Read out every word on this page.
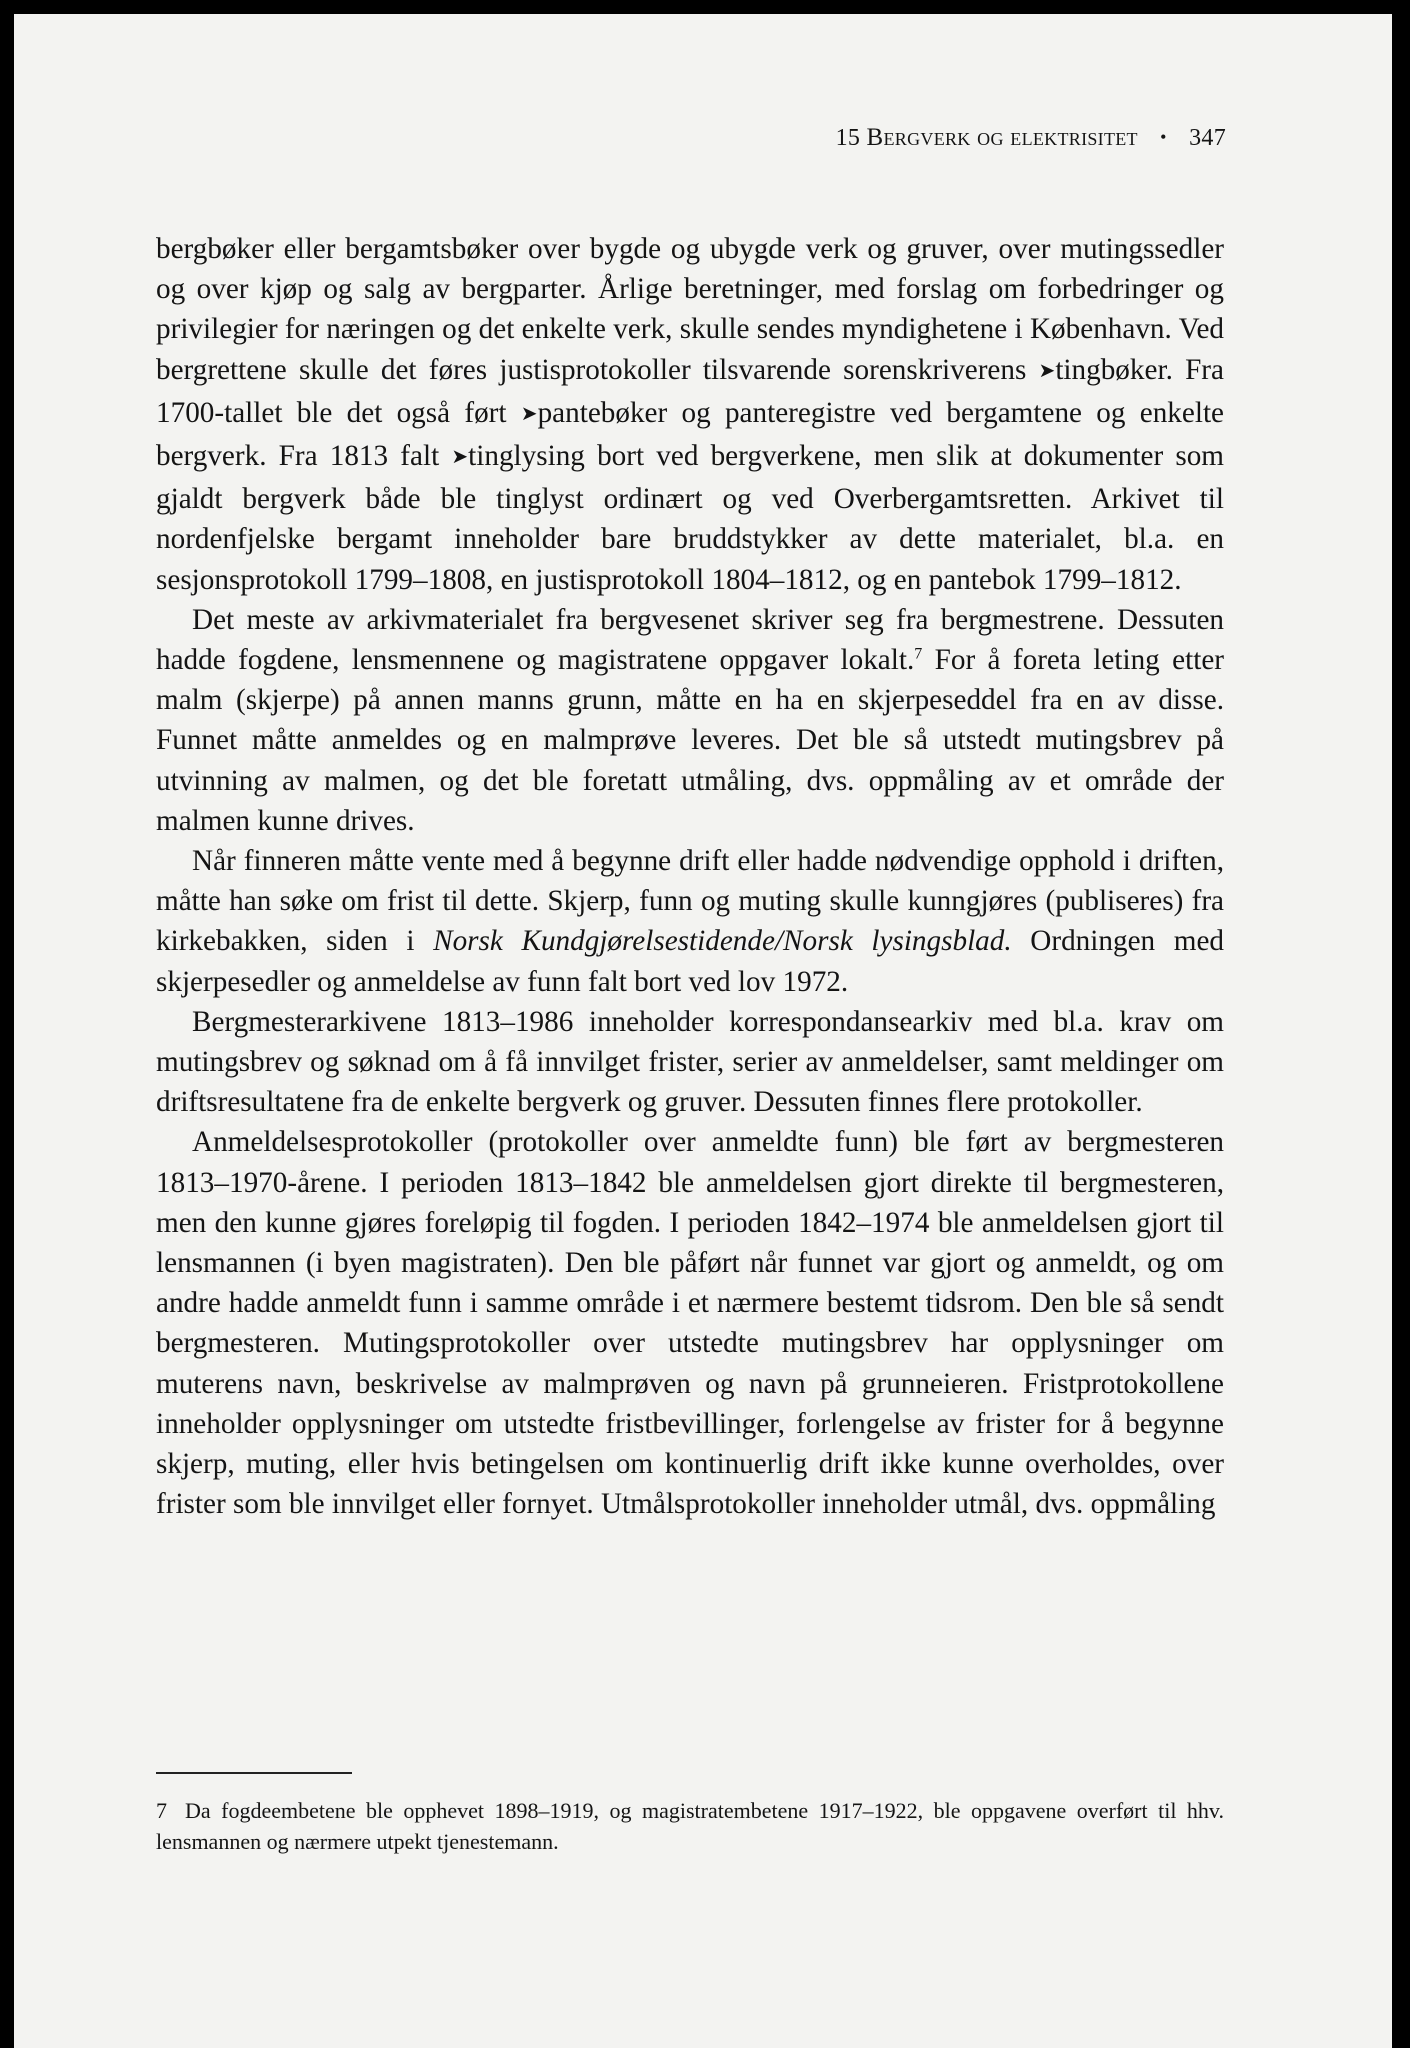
15 Bergverk og elektrisitet • 347

bergbøker eller bergamtsbøker over bygde og ubygde verk og gruver, over mutingssedler og over kjøp og salg av bergparter. Årlige beretninger, med forslag om forbedringer og privilegier for næringen og det enkelte verk, skulle sendes myndighetene i København. Ved bergrettene skulle det føres justisprotokoller tilsvarende sorenskriverens ➤tingbøker. Fra 1700-tallet ble det også ført ➤pantebøker og panteregistre ved bergamtene og enkelte bergverk. Fra 1813 falt ➤tinglysing bort ved bergverkene, men slik at dokumenter som gjaldt bergverk både ble tinglyst ordinært og ved Overbergamtsretten. Arkivet til nordenfjelske bergamt inneholder bare bruddstykker av dette materialet, bl.a. en sesjonsprotokoll 1799–1808, en justisprotokoll 1804–1812, og en pantebok 1799–1812.

Det meste av arkivmaterialet fra bergvesenet skriver seg fra bergmestrene. Dessuten hadde fogdene, lensmennene og magistratene oppgaver lokalt.$^7$ For å foreta leting etter malm (skjerpe) på annen manns grunn, måtte en ha en skjerpeseddel fra en av disse. Funnet måtte anmeldes og en malmprøve leveres. Det ble så utstedt mutingsbrev på utvinning av malmen, og det ble foretatt utmåling, dvs. oppmåling av et område der malmen kunne drives.

Når finneren måtte vente med å begynne drift eller hadde nødvendige opphold i driften, måtte han søke om frist til dette. Skjerp, funn og muting skulle kunngjøres (publiseres) fra kirkebakken, siden i Norsk Kundgjørelsestidende/Norsk lysingsblad. Ordningen med skjerpesedler og anmeldelse av funn falt bort ved lov 1972.

Bergmesterarkivene 1813–1986 inneholder korrespondansearkiv med bl.a. krav om mutingsbrev og søknad om å få innvilget frister, serier av anmeldelser, samt meldinger om driftsresultatene fra de enkelte bergverk og gruver. Dessuten finnes flere protokoller.

Anmeldelsesprotokoller (protokoller over anmeldte funn) ble ført av bergmesteren 1813–1970-årene. I perioden 1813–1842 ble anmeldelsen gjort direkte til bergmesteren, men den kunne gjøres foreløpig til fogden. I perioden 1842–1974 ble anmeldelsen gjort til lensmannen (i byen magistraten). Den ble påført når funnet var gjort og anmeldt, og om andre hadde anmeldt funn i samme område i et nærmere bestemt tidsrom. Den ble så sendt bergmesteren. Mutingsprotokoller over utstedte mutingsbrev har opplysninger om muterens navn, beskrivelse av malmprøven og navn på grunneieren. Fristprotokollene inneholder opplysninger om utstedte fristbevillinger, forlengelse av frister for å begynne skjerp, muting, eller hvis betingelsen om kontinuerlig drift ikke kunne overholdes, over frister som ble innvilget eller fornyet. Utmålsprotokoller inneholder utmål, dvs. oppmåling

7 Da fogdeembetene ble opphevet 1898–1919, og magistratembetene 1917–1922, ble oppgavene overført til hhv. lensmannen og nærmere utpekt tjenestemann.
